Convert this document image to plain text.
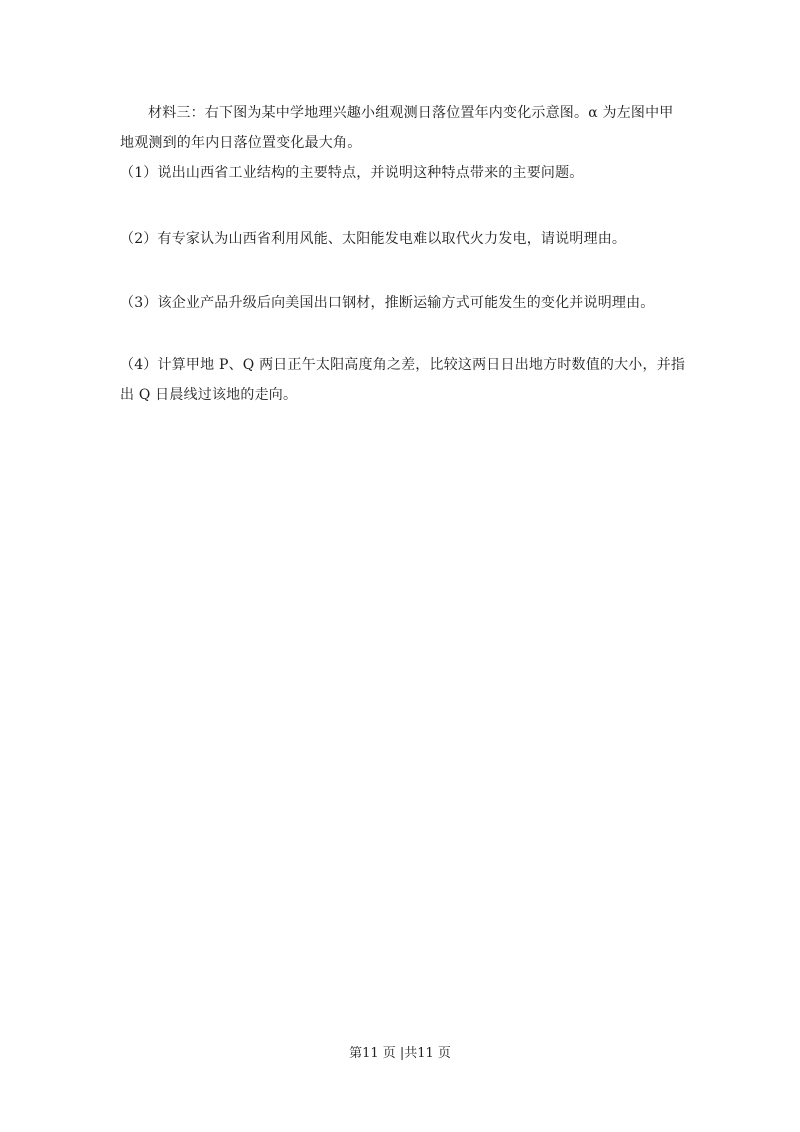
材料三：右下图为某中学地理兴趣小组观测日落位置年内变化示意图。α 为左图中甲
地观测到的年内日落位置变化最大角。
（1）说出山西省工业结构的主要特点，并说明这种特点带来的主要问题。
（2）有专家认为山西省利用风能、太阳能发电难以取代火力发电，请说明理由。
（3）该企业产品升级后向美国出口钢材，推断运输方式可能发生的变化并说明理由。
（4）计算甲地 P、Q 两日正午太阳高度角之差，比较这两日日出地方时数值的大小，并指
出 Q 日晨线过该地的走向。
第11 页 |共11 页
